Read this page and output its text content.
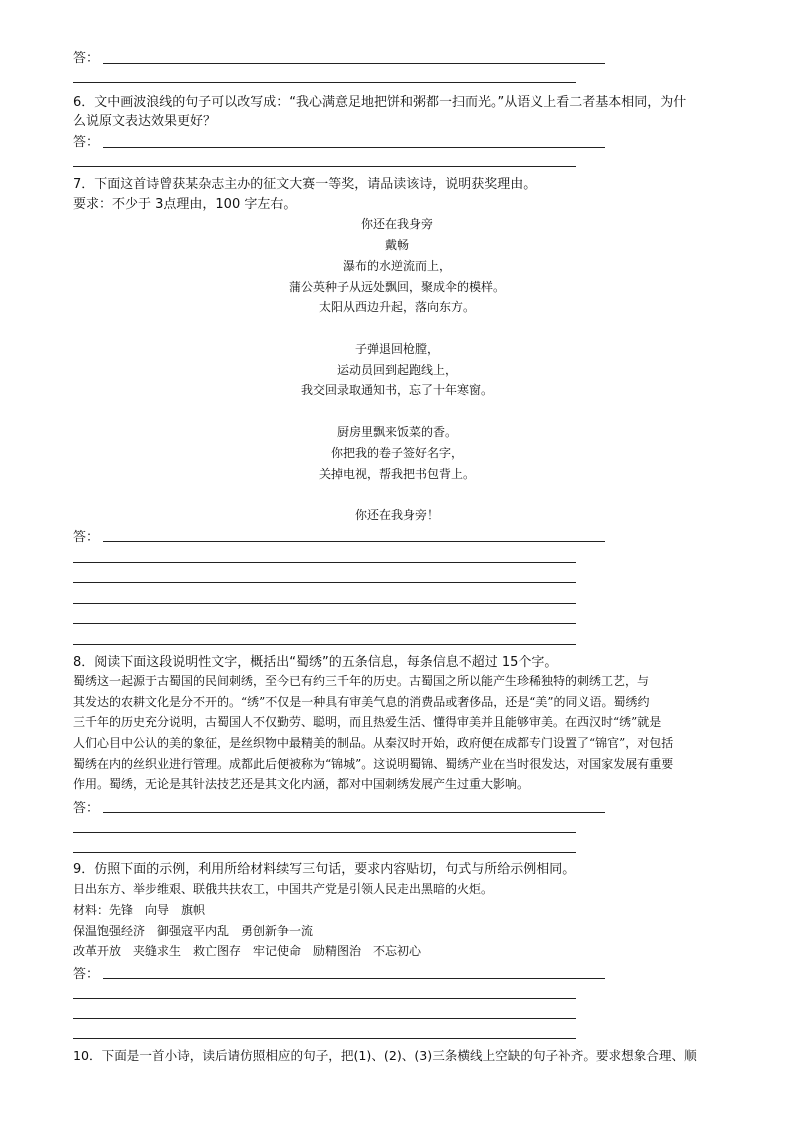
答：
6．文中画波浪线的句子可以改写成：“我心满意足地把饼和粥都一扫而光。”从语义上看二者基本相同，为什
么说原文表达效果更好？
答：
7．下面这首诗曾获某杂志主办的征文大赛一等奖，请品读该诗，说明获奖理由。
要求：不少于 3点理由，100 字左右。
你还在我身旁
戴畅
瀑布的水逆流而上，
蒲公英种子从远处飘回，聚成伞的模样。
太阳从西边升起，落向东方。
子弹退回枪膛，
运动员回到起跑线上，
我交回录取通知书，忘了十年寒窗。
厨房里飘来饭菜的香。
你把我的卷子签好名字，
关掉电视，帮我把书包背上。
你还在我身旁！
答：
8．阅读下面这段说明性文字，概括出“蜀绣”的五条信息，每条信息不超过 15个字。
蜀绣这一起源于古蜀国的民间刺绣，至今已有约三千年的历史。古蜀国之所以能产生珍稀独特的刺绣工艺，与
其发达的农耕文化是分不开的。“绣”不仅是一种具有审美气息的消费品或奢侈品，还是“美”的同义语。蜀绣约
三千年的历史充分说明，古蜀国人不仅勤劳、聪明，而且热爱生活、懂得审美并且能够审美。在西汉时“绣”就是
人们心目中公认的美的象征，是丝织物中最精美的制品。从秦汉时开始，政府便在成都专门设置了“锦官”，对包括
蜀绣在内的丝织业进行管理。成都此后便被称为“锦城”。这说明蜀锦、蜀绣产业在当时很发达，对国家发展有重要
作用。蜀绣，无论是其针法技艺还是其文化内涵，都对中国刺绣发展产生过重大影响。
答：
9．仿照下面的示例，利用所给材料续写三句话，要求内容贴切，句式与所给示例相同。
日出东方、举步维艰、联俄共扶农工，中国共产党是引领人民走出黑暗的火炬。
材料：先锋　向导　旗帜
保温饱强经济　御强寇平内乱　勇创新争一流
改革开放　夹缝求生　救亡图存　牢记使命　励精图治　不忘初心
答：
10．下面是一首小诗，读后请仿照相应的句子，把(1)、(2)、(3)三条横线上空缺的句子补齐。要求想象合理、顺
